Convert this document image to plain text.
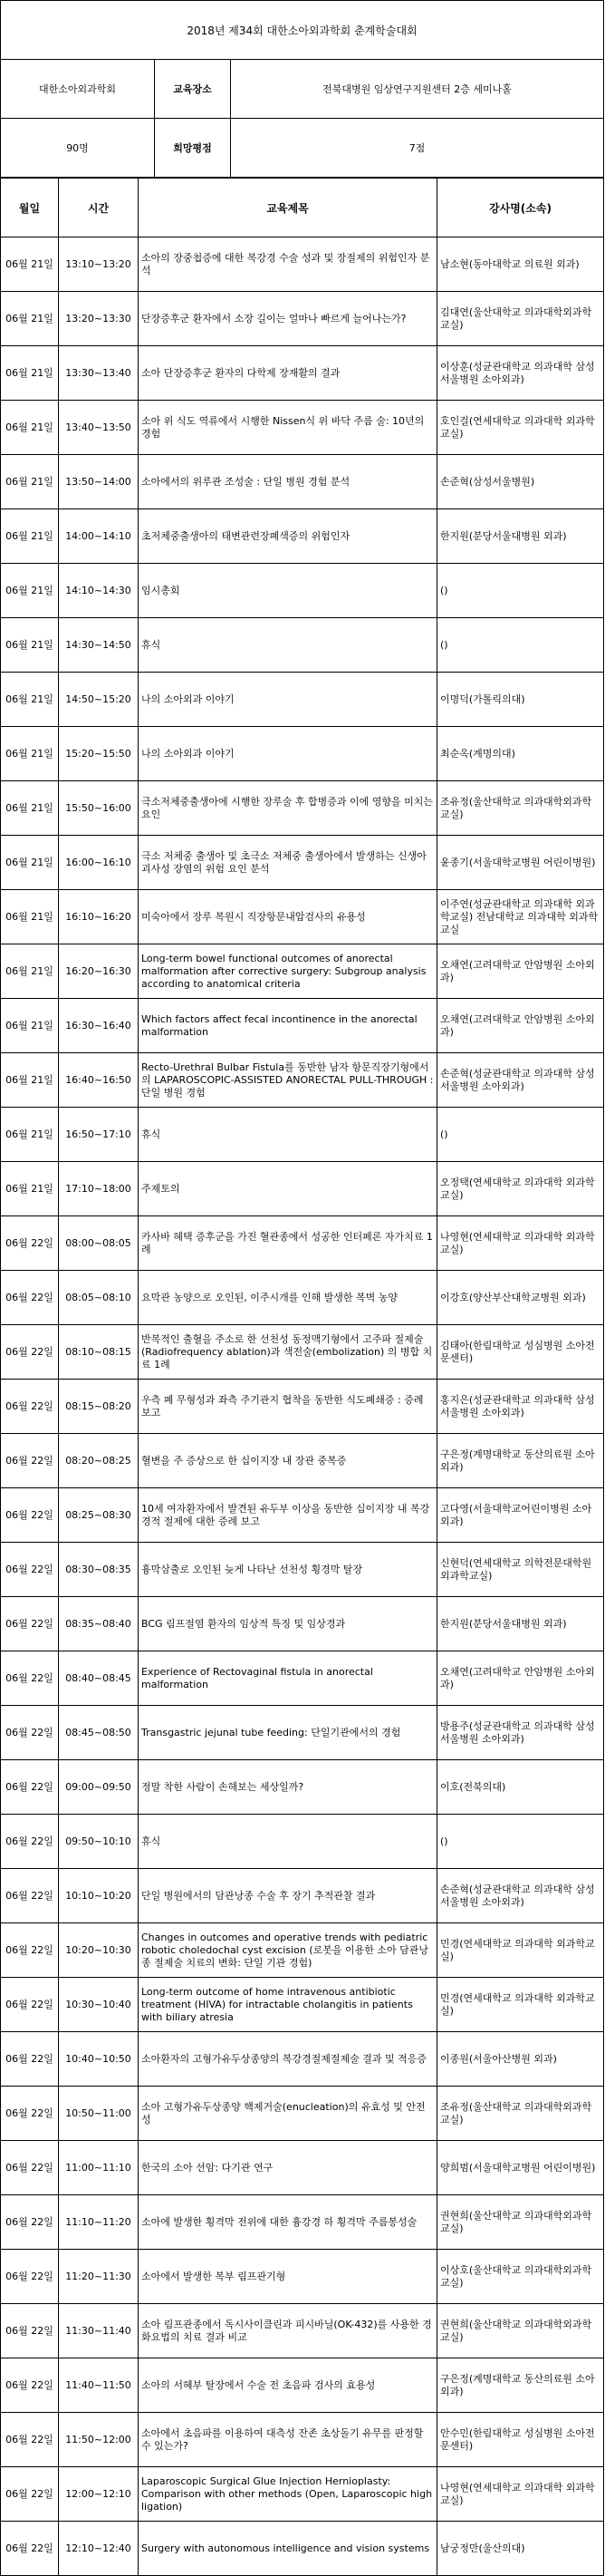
2018년 제34회 대한소아외과학회 춘계학술대회		
대한소아외과학회	교육장소	전북대병원 임상연구지원센터 2층 세미나홀
90명	희망평점	7점
월일	시간	교육제목	강사명(소속)
06월 21일	13:10~13:20	소아의 장중첩증에 대한 복강경 수술 성과 및 장절제의 위험인자 분석	남소현(동아대학교 의료원 외과)
06월 21일	13:20~13:30	단장증후군 환자에서 소장 길이는 얼마나 빠르게 늘어나는가?	김대연(울산대학교 의과대학외과학교실)
06월 21일	13:30~13:40	소아 단장증후군 환자의 다학제 장재활의 결과	이상훈(성균관대학교 의과대학 삼성서울병원 소아외과)
06월 21일	13:40~13:50	소아 위 식도 역류에서 시행한 Nissen식 위 바닥 주름 술: 10년의 경험	호인걸(연세대학교 의과대학 외과학교실)
06월 21일	13:50~14:00	소아에서의 위루관 조성술 : 단일 병원 경험 분석	손준혁(삼성서울병원)
06월 21일	14:00~14:10	초저체중출생아의 태변관련장폐색증의 위험인자	한지원(분당서울대병원 외과)
06월 21일	14:10~14:30	임시총회	()
06월 21일	14:30~14:50	휴식	()
06월 21일	14:50~15:20	나의 소아외과 이야기	이명덕(가톨릭의대)
06월 21일	15:20~15:50	나의 소아외과 이야기	최순옥(계명의대)
06월 21일	15:50~16:00	극소저체중출생아에 시행한 장루술 후 합병증과 이에 영향을 미치는 요인	조유정(울산대학교 의과대학외과학교실)
06월 21일	16:00~16:10	극소 저체중 출생아 및 초극소 저체중 출생아에서 발생하는 신생아 괴사성 장염의 위험 요인 분석	윤종기(서울대학교병원 어린이병원)
06월 21일	16:10~16:20	미숙아에서 장루 복원시 직장항문내압검사의 유용성	이주연(성균관대학교 의과대학 외과학교실) 전남대학교 의과대학 외과학교실
06월 21일	16:20~16:30	Long-term bowel functional outcomes of anorectal malformation after corrective surgery: Subgroup analysis according to anatomical criteria	오채연(고려대학교 안암병원 소아외과)
06월 21일	16:30~16:40	Which factors affect fecal incontinence in the anorectal malformation	오채연(고려대학교 안암병원 소아외과)
06월 21일	16:40~16:50	Recto-Urethral Bulbar Fistula를 동반한 남자 항문직장기형에서의 LAPAROSCOPIC-ASSISTED ANORECTAL PULL-THROUGH : 단일 병원 경험	손준혁(성균관대학교 의과대학 삼성서울병원 소아외과)
06월 21일	16:50~17:10	휴식	()
06월 21일	17:10~18:00	주제토의	오정택(연세대학교 의과대학 외과학교실)
06월 22일	08:00~08:05	카사바 혜택 증후군을 가진 혈관종에서 성공한 인터페론 자가치료 1례	나영현(연세대학교 의과대학 외과학교실)
06월 22일	08:05~08:10	요막관 농양으로 오인된, 이주시개를 인해 발생한 복벽 농양	이강호(양산부산대학교병원 외과)
06월 22일	08:10~08:15	반복적인 출혈을 주소로 한 선천성 동정맥기형에서 고주파 절제술 (Radiofrequency ablation)과 색전술(embolization) 의 병합 치료 1례	김태아(한림대학교 성심병원 소아전문센터)
06월 22일	08:15~08:20	우측 폐 무형성과 좌측 주기관지 협착을 동반한 식도폐쇄증 : 증례 보고	홍지은(성균관대학교 의과대학 삼성서울병원 소아외과)
06월 22일	08:20~08:25	혈변을 주 증상으로 한 십이지장 내 장관 중복증	구은정(계명대학교 동산의료원 소아외과)
06월 22일	08:25~08:30	10세 여자환자에서 발견된 유두부 이상을 동반한 십이지장 내 복강경적 절제에 대한 증례 보고	고다영(서울대학교어린이병원 소아외과)
06월 22일	08:30~08:35	흉막삼출로 오인된 늦게 나타난 선천성 횡경막 탈장	신현덕(연세대학교 의학전문대학원 외과학교실)
06월 22일	08:35~08:40	BCG 림프절염 환자의 임상적 특징 및 임상경과	한지원(분당서울대병원 외과)
06월 22일	08:40~08:45	Experience of Rectovaginal fistula in anorectal malformation	오채연(고려대학교 안암병원 소아외과)
06월 22일	08:45~08:50	Transgastric jejunal tube feeding: 단일기관에서의 경험	방용주(성균관대학교 의과대학 삼성서울병원 소아외과)
06월 22일	09:00~09:50	정말 착한 사람이 손해보는 세상일까?	이호(전북의대)
06월 22일	09:50~10:10	휴식	()
06월 22일	10:10~10:20	단일 병원에서의 담관낭종 수술 후 장기 추적관찰 결과	손준혁(성균관대학교 의과대학 삼성서울병원 소아외과)
06월 22일	10:20~10:30	Changes in outcomes and operative trends with pediatric robotic choledochal cyst excision (로봇을 이용한 소아 담관낭종 절제술 치료의 변화: 단일 기관 경험)	민경(연세대학교 의과대학 외과학교실)
06월 22일	10:30~10:40	Long-term outcome of home intravenous antibiotic treatment (HIVA) for intractable cholangitis in patients with biliary atresia	민경(연세대학교 의과대학 외과학교실)
06월 22일	10:40~10:50	소아환자의 고형가유두상종양의 복강경절제절제술 결과 및 적응증	이종원(서울아산병원 외과)
06월 22일	10:50~11:00	소아 고형가유두상종양 핵제거술(enucleation)의 유효성 및 안전성	조유정(울산대학교 의과대학외과학교실)
06월 22일	11:00~11:10	한국의 소아 선암: 다기관 연구	양희범(서울대학교병원 어린이병원)
06월 22일	11:10~11:20	소아에 발생한 횡격막 전위에 대한 흉강경 하 횡격막 주름봉성술	권현희(울산대학교 의과대학외과학교실)
06월 22일	11:20~11:30	소아에서 발생한 복부 림프관기형	이상호(울산대학교 의과대학외과학교실)
06월 22일	11:30~11:40	소아 림프관종에서 독시사이클린과 피시바닐(OK-432)를 사용한 경화요법의 치료 결과 비교	권현희(울산대학교 의과대학외과학교실)
06월 22일	11:40~11:50	소아의 서혜부 탈장에서 수술 전 초음파 검사의 효용성	구은정(계명대학교 동산의료원 소아외과)
06월 22일	11:50~12:00	소아에서 초음파를 이용하여 대측성 잔존 초상돌기 유무를 판정할 수 있는가?	안수민(한림대학교 성심병원 소아전문센터)
06월 22일	12:00~12:10	Laparoscopic Surgical Glue Injection Hernioplasty: Comparison with other methods (Open, Laparoscopic high ligation)	나영현(연세대학교 의과대학 외과학교실)
06월 22일	12:10~12:40	Surgery with autonomous intelligence and vision systems	남궁정만(울산의대)
